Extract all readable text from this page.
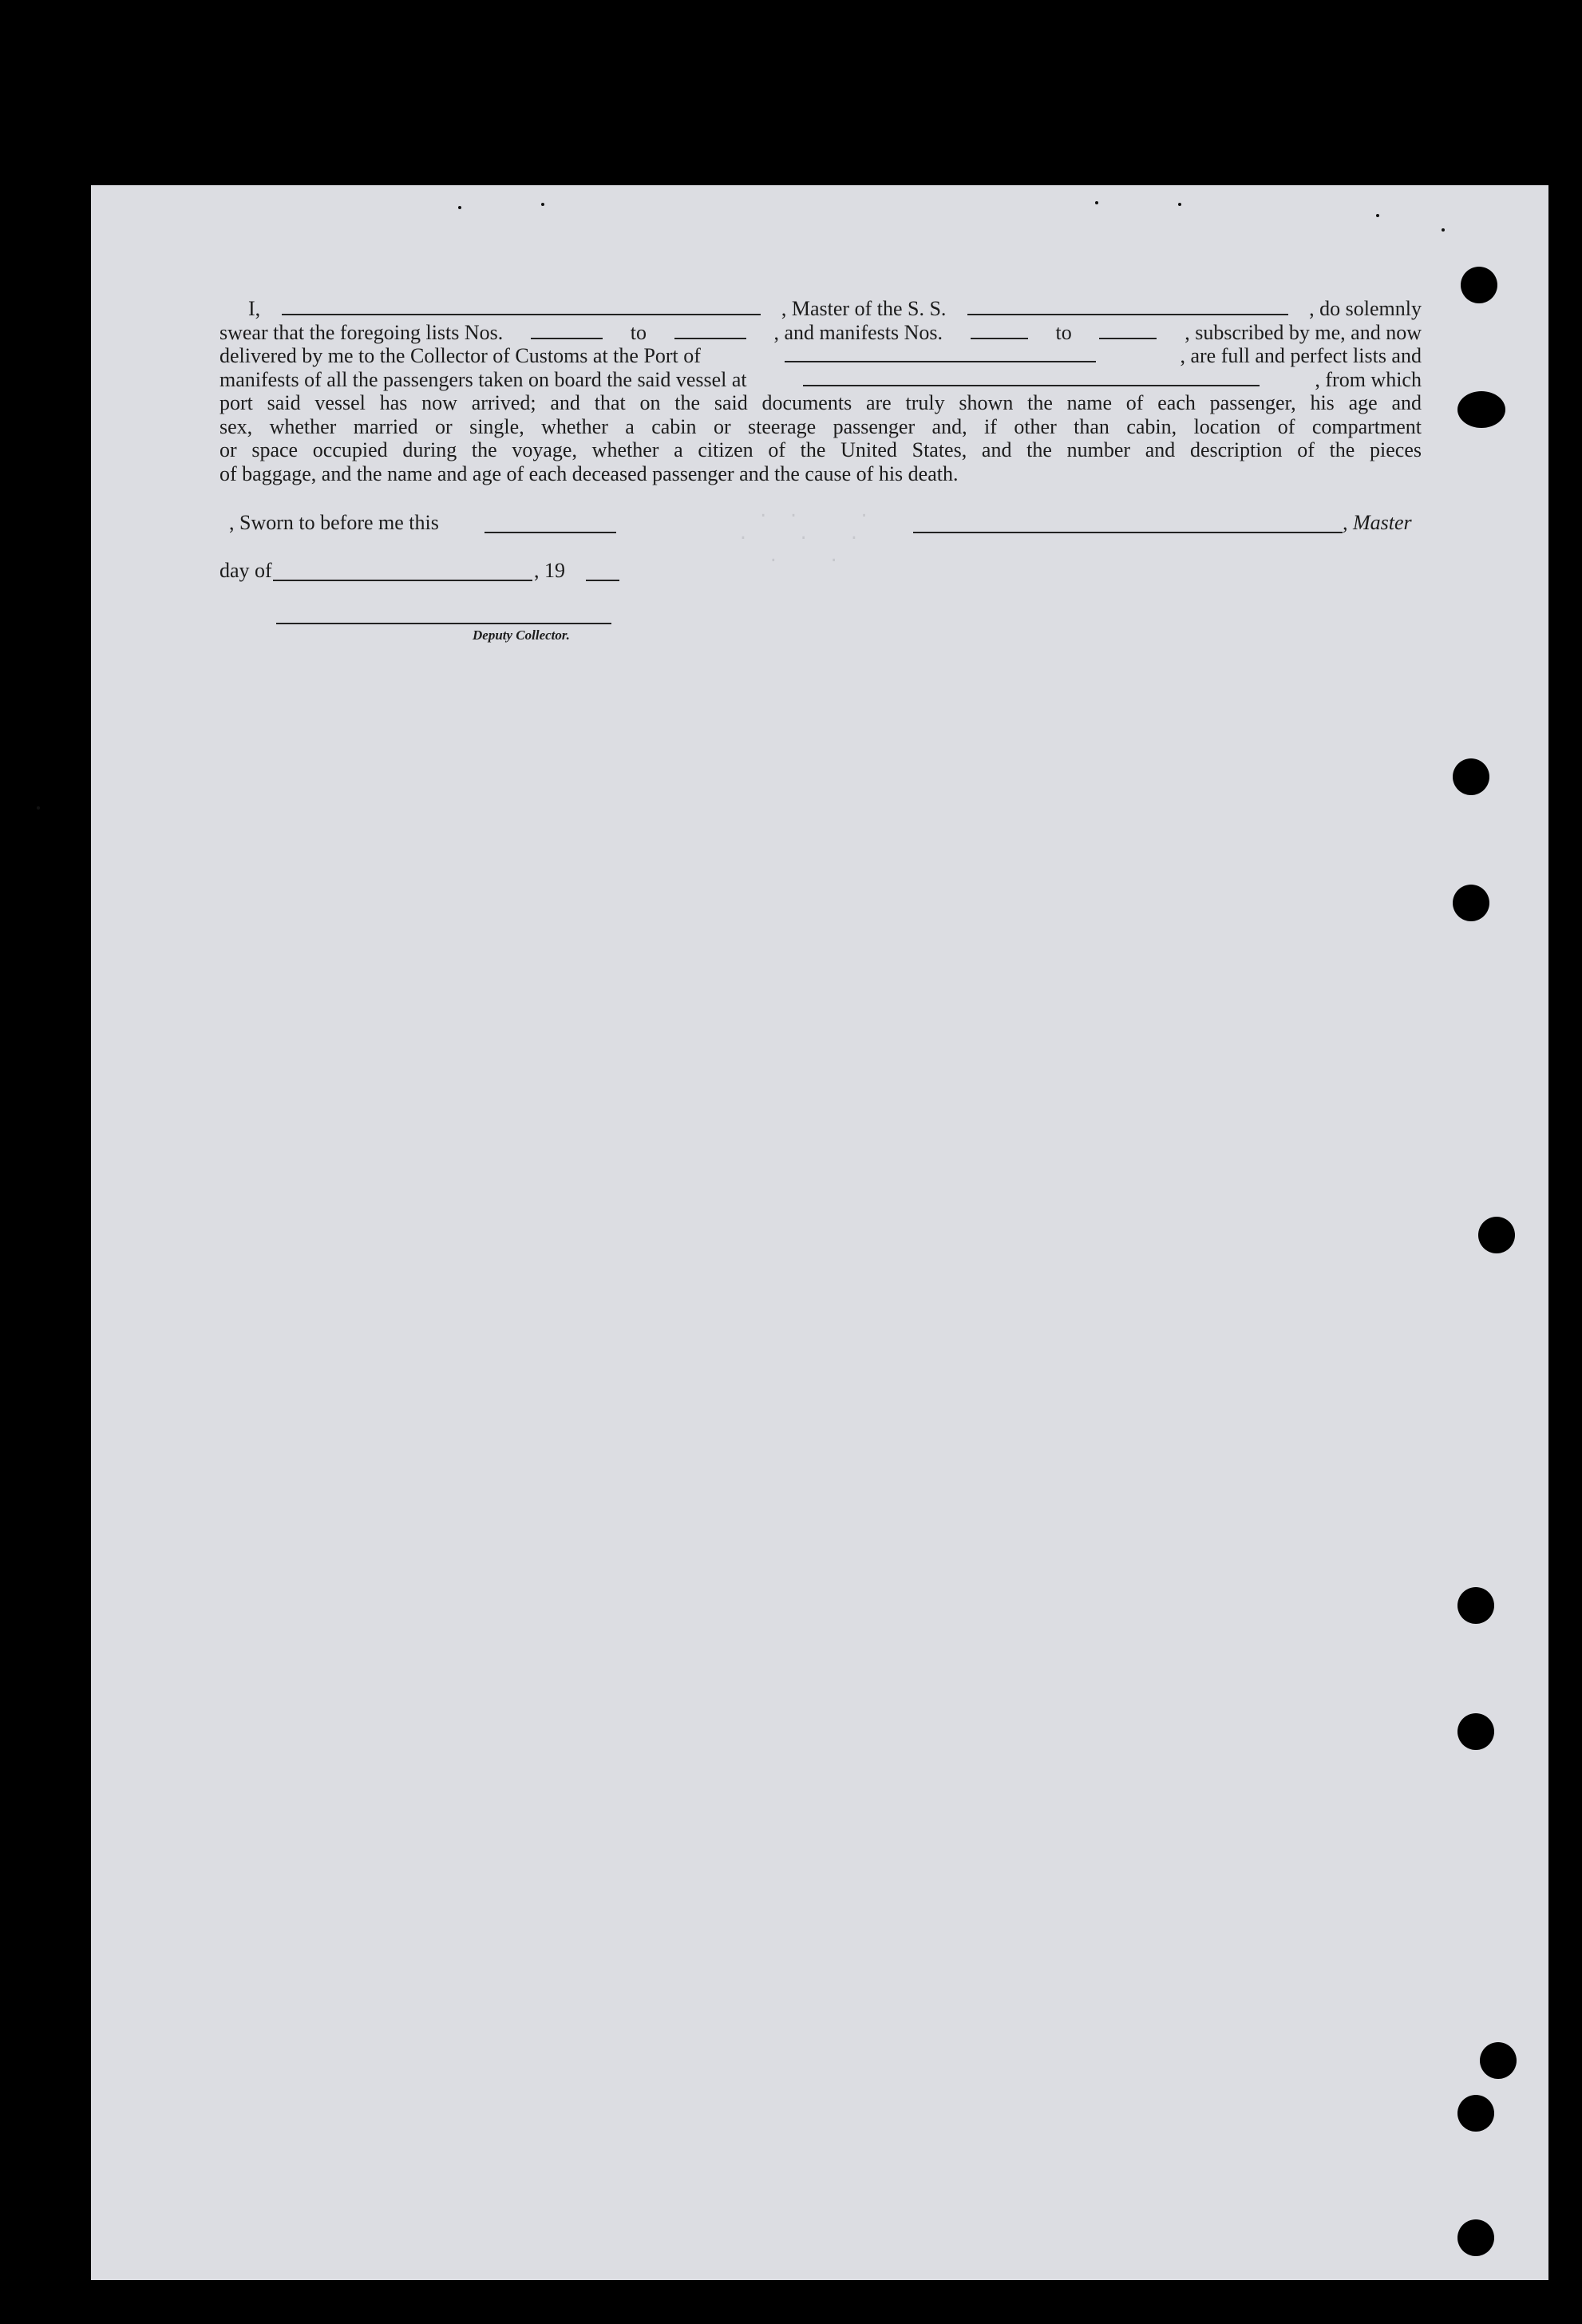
I,	, Master of the S. S.	, do solemnly
swear that the foregoing lists Nos.	to	, and manifests Nos.	to	, subscribed by me, and now
delivered by me to the Collector of Customs at the Port of	, are full and perfect lists and
manifests of all the passengers taken on board the said vessel at	, from which

port said vessel has now arrived; and that on the said documents are truly shown the name of each passenger, his age and

sex, whether married or single, whether a cabin or steerage passenger and, if other than cabin, location of compartment

or space occupied during the voyage, whether a citizen of the United States, and the number and description of the pieces

of baggage, and the name and age of each deceased passenger and the cause of his death.

, Sworn to before me this
day of	, 19
Deputy Collector.
, Master
·  ·      ·
·     ·    ·
·     ·
